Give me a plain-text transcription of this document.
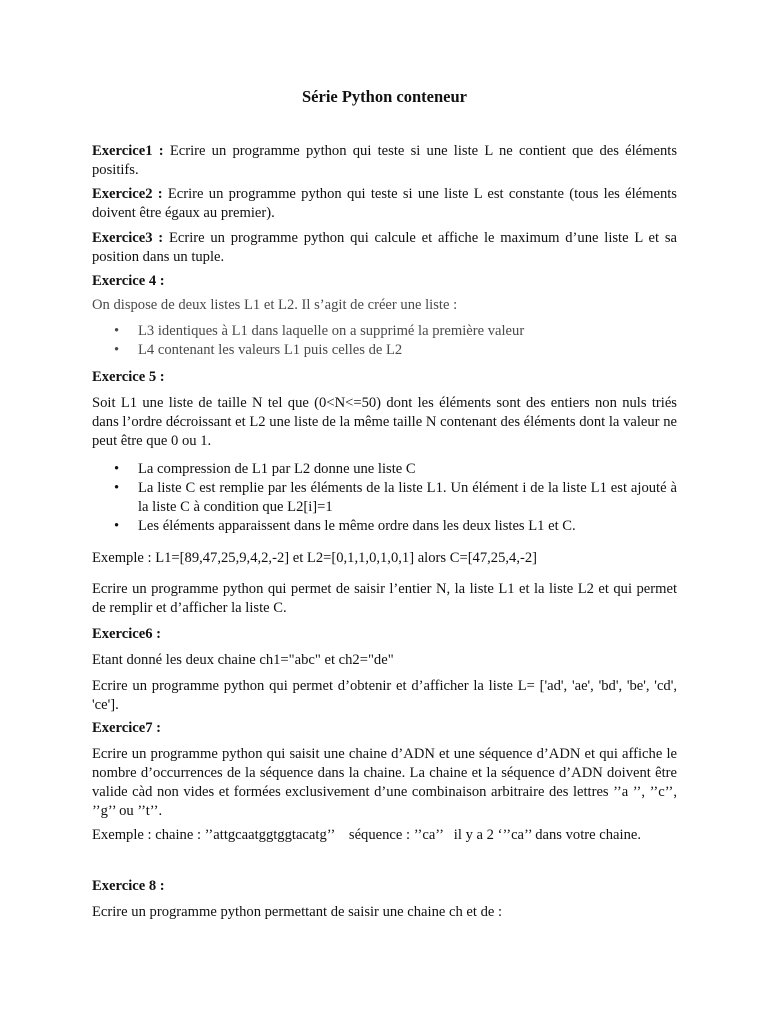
Série Python conteneur
Exercice1 : Ecrire un programme python qui teste si une liste L ne contient que des éléments positifs.
Exercice2 : Ecrire un programme python qui teste si une liste L est constante (tous les éléments doivent être égaux au premier).
Exercice3 : Ecrire un programme python qui calcule et affiche le maximum d’une liste L et sa position dans un tuple.
Exercice 4 :
On dispose de deux listes L1 et L2. Il s’agit de créer une liste :
• L3 identiques à L1 dans laquelle on a supprimé la première valeur
• L4 contenant les valeurs L1 puis celles de L2
Exercice 5 :
Soit L1 une liste de taille N tel que (0<N<=50) dont les éléments sont des entiers non nuls triés dans l’ordre décroissant et L2 une liste de la même taille N contenant des éléments dont la valeur ne peut être que 0 ou 1.
• La compression de L1 par L2 donne une liste C
• La liste C est remplie par les éléments de la liste L1. Un élément i de la liste L1 est ajouté à la liste C à condition que L2[i]=1
• Les éléments apparaissent dans le même ordre dans les deux listes L1 et C.
Exemple : L1=[89,47,25,9,4,2,-2] et L2=[0,1,1,0,1,0,1] alors C=[47,25,4,-2]
Ecrire un programme python qui permet de saisir l’entier N, la liste L1 et la liste L2 et qui permet de remplir et d’afficher la liste C.
Exercice6 :
Etant donné les deux chaine ch1="abc" et ch2="de"
Ecrire un programme python qui permet d’obtenir et d’afficher la liste L= ['ad', 'ae', 'bd', 'be', 'cd', 'ce'].
Exercice7 :
Ecrire un programme python qui saisit une chaine d’ADN et une séquence d’ADN et qui affiche le nombre d’occurrences de la séquence dans la chaine. La chaine et la séquence d’ADN doivent être valide càd non vides et formées exclusivement d’une combinaison arbitraire des lettres ’’a ’’, ’’c’’, ’’g’’ ou ’’t’’.
Exemple : chaine : ’’attgcaatggtggtacatg’’    séquence : ’’ca’’   il y a 2 ‘’’ca’’ dans votre chaine.
Exercice 8 :
Ecrire un programme python permettant de saisir une chaine ch et de :
